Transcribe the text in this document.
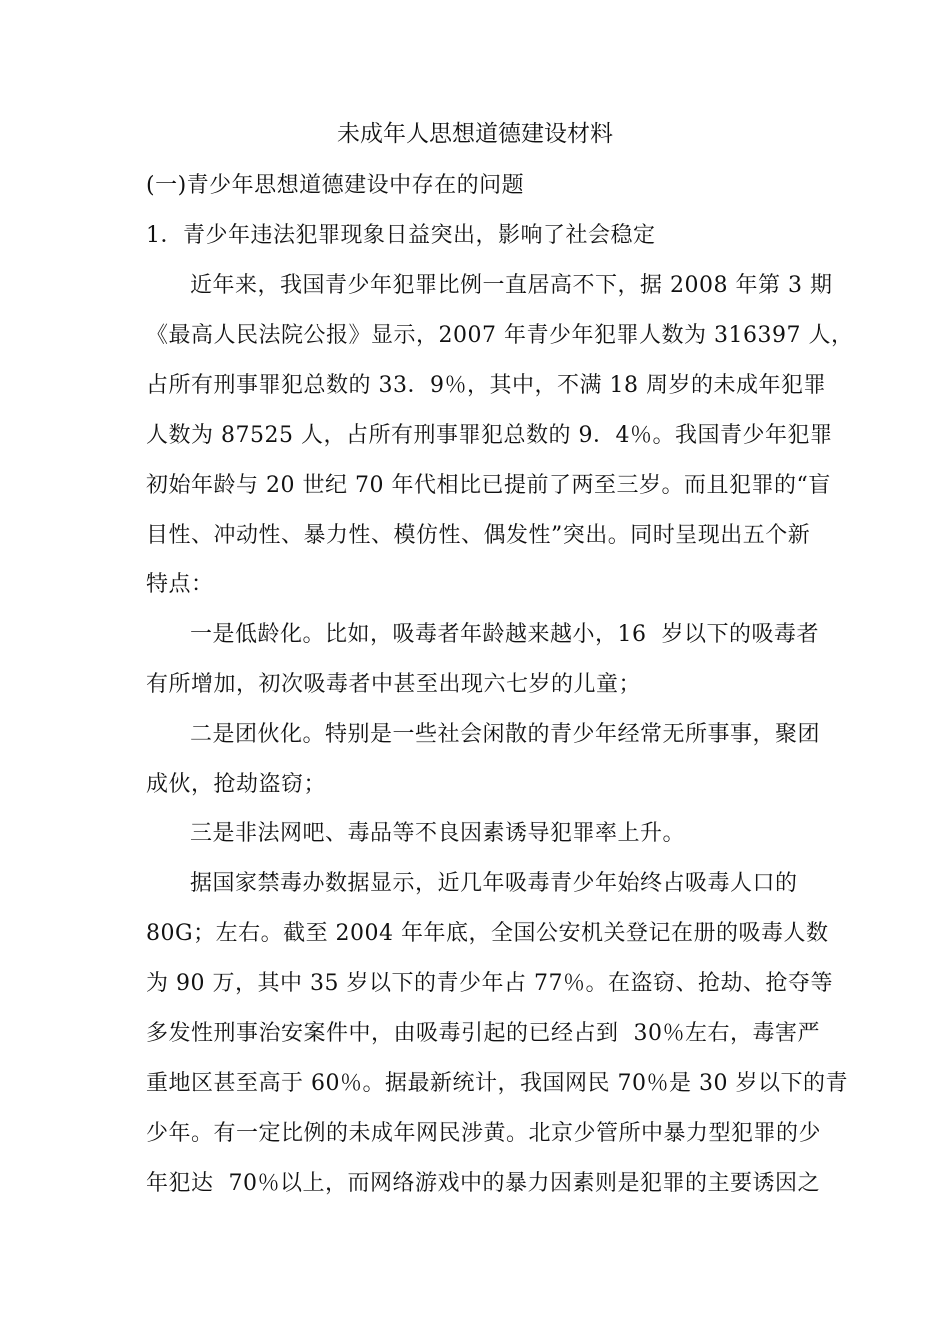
未成年人思想道德建设材料
(一)青少年思想道德建设中存在的问题
1．青少年违法犯罪现象日益突出，影响了社会稳定
近年来，我国青少年犯罪比例一直居高不下，据 2008 年第 3 期
《最高人民法院公报》显示，2007 年青少年犯罪人数为 316397 人，
占所有刑事罪犯总数的 33．9％，其中，不满 18 周岁的未成年犯罪
人数为 87525 人，占所有刑事罪犯总数的 9．4％。我国青少年犯罪
初始年龄与 20 世纪 70 年代相比已提前了两至三岁。而且犯罪的“盲
目性、冲动性、暴力性、模仿性、偶发性”突出。同时呈现出五个新
特点：
一是低龄化。比如，吸毒者年龄越来越小，16  岁以下的吸毒者
有所增加，初次吸毒者中甚至出现六七岁的儿童；
二是团伙化。特别是一些社会闲散的青少年经常无所事事，聚团
成伙，抢劫盗窃；
三是非法网吧、毒品等不良因素诱导犯罪率上升。
据国家禁毒办数据显示，近几年吸毒青少年始终占吸毒人口的
80G；左右。截至 2004 年年底，全国公安机关登记在册的吸毒人数
为 90 万，其中 35 岁以下的青少年占 77％。在盗窃、抢劫、抢夺等
多发性刑事治安案件中，由吸毒引起的已经占到  30％左右，毒害严
重地区甚至高于 60％。据最新统计，我国网民 70％是 30 岁以下的青
少年。有一定比例的未成年网民涉黄。北京少管所中暴力型犯罪的少
年犯达  70％以上，而网络游戏中的暴力因素则是犯罪的主要诱因之
